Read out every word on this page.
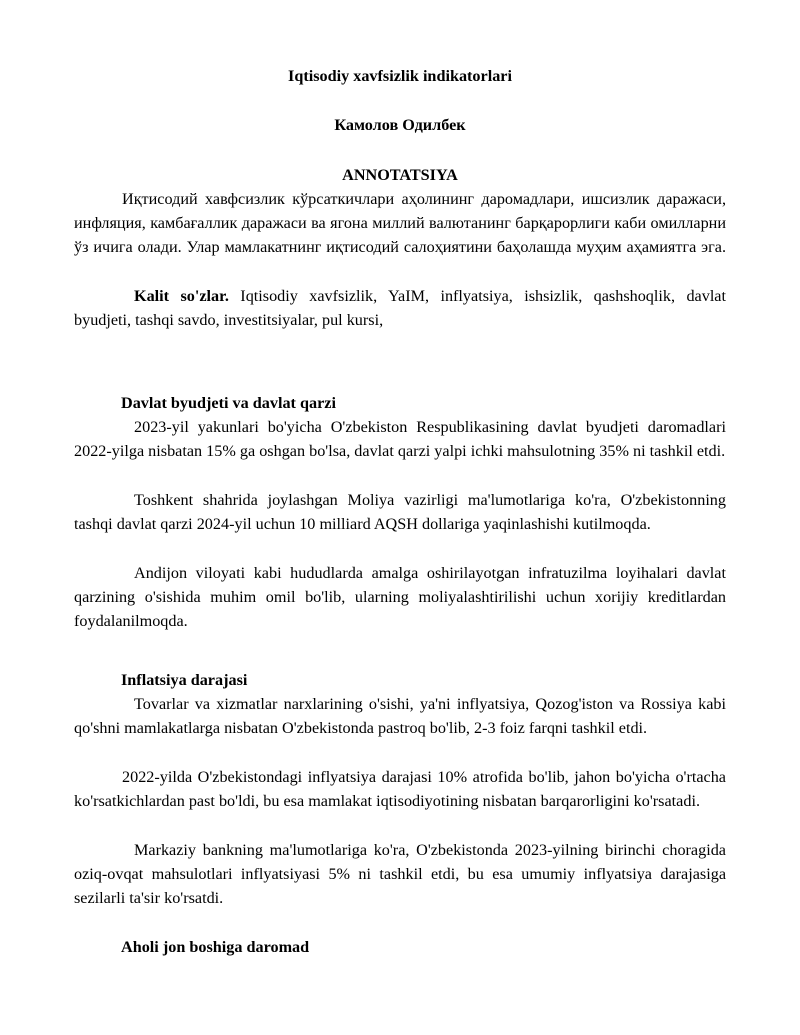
Iqtisodiy xavfsizlik indikatorlari

Камолов Одилбек

ANNOTATSIYA

Иқтисодий хавфсизлик кўрсаткичлари аҳолининг даромадлари, ишсизлик даражаси, инфляция, камбағаллик даражаси ва ягона миллий валютанинг барқарорлиги каби омилларни ўз ичига олади. Улар мамлакатнинг иқтисодий салоҳиятини баҳолашда муҳим аҳамиятга эга.

Kalit so'zlar. Iqtisodiy xavfsizlik, YaIM, inflyatsiya, ishsizlik, qashshoqlik, davlat byudjeti, tashqi savdo, investitsiyalar, pul kursi,

Davlat byudjeti va davlat qarzi

2023-yil yakunlari bo'yicha O'zbekiston Respublikasining davlat byudjeti daromadlari 2022-yilga nisbatan 15% ga oshgan bo'lsa, davlat qarzi yalpi ichki mahsulotning 35% ni tashkil etdi.

Toshkent shahrida joylashgan Moliya vazirligi ma'lumotlariga ko'ra, O'zbekistonning tashqi davlat qarzi 2024-yil uchun 10 milliard AQSH dollariga yaqinlashishi kutilmoqda.

Andijon viloyati kabi hududlarda amalga oshirilayotgan infratuzilma loyihalari davlat qarzining o'sishida muhim omil bo'lib, ularning moliyalashtirilishi uchun xorijiy kreditlardan foydalanilmoqda.

Inflatsiya darajasi

Tovarlar va xizmatlar narxlarining o'sishi, ya'ni inflyatsiya, Qozog'iston va Rossiya kabi qo'shni mamlakatlarga nisbatan O'zbekistonda pastroq bo'lib, 2-3 foiz farqni tashkil etdi.

2022-yilda O'zbekistondagi inflyatsiya darajasi 10% atrofida bo'lib, jahon bo'yicha o'rtacha ko'rsatkichlardan past bo'ldi, bu esa mamlakat iqtisodiyotining nisbatan barqarorligini ko'rsatadi.

Markaziy bankning ma'lumotlariga ko'ra, O'zbekistonda 2023-yilning birinchi choragida oziq-ovqat mahsulotlari inflyatsiyasi 5% ni tashkil etdi, bu esa umumiy inflyatsiya darajasiga sezilarli ta'sir ko'rsatdi.

Aholi jon boshiga daromad
